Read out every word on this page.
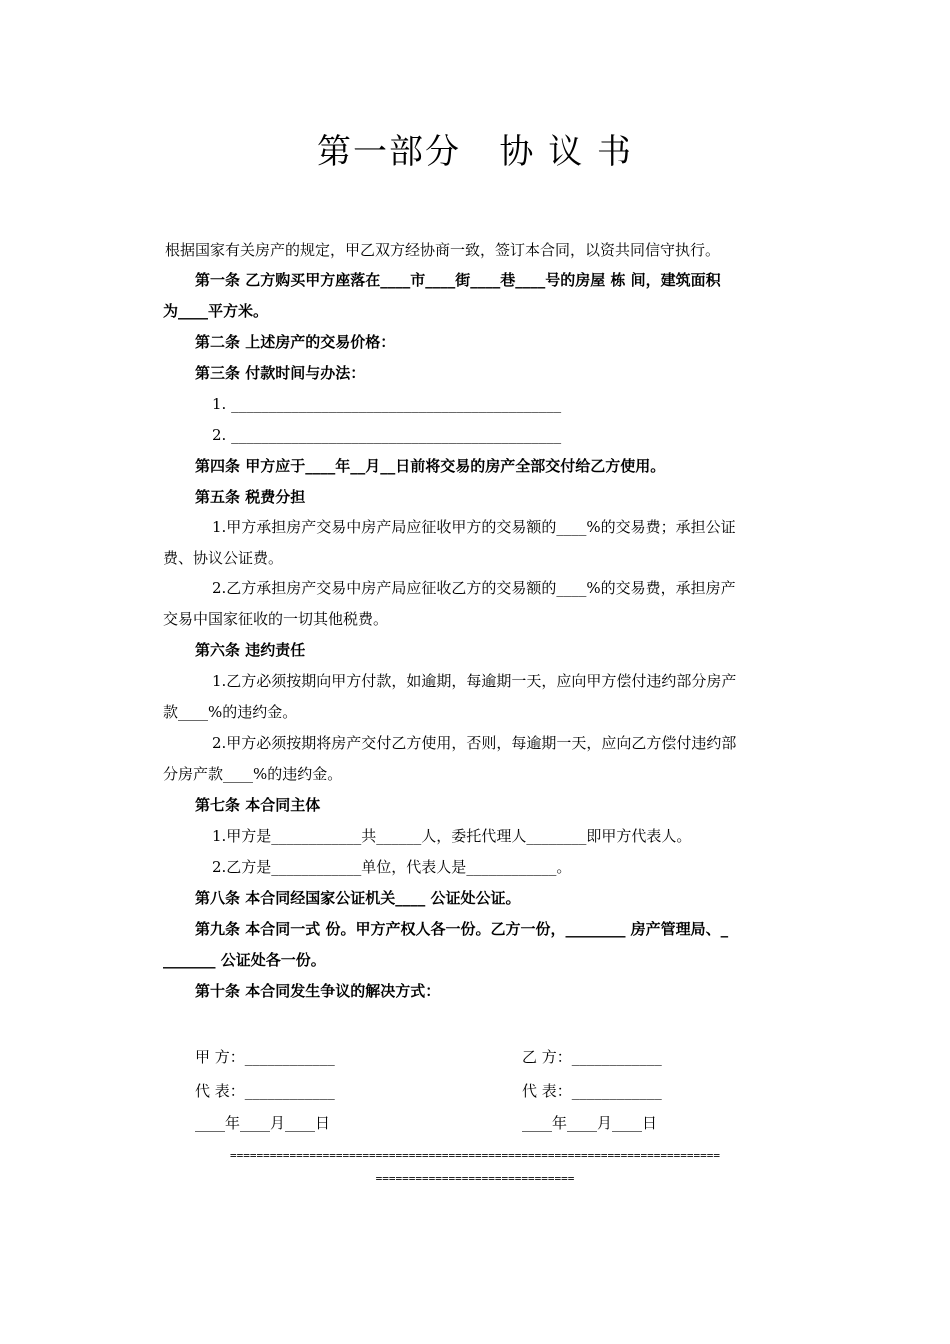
第一部分   协 议 书
根据国家有关房产的规定，甲乙双方经协商一致，签订本合同，以资共同信守执行。
第一条 乙方购买甲方座落在____市____街____巷____号的房屋 栋 间，建筑面积
为____平方米。
第二条 上述房产的交易价格：
第三条 付款时间与办法：
1. ____________________________________________
2. ____________________________________________
第四条 甲方应于____年__月__日前将交易的房产全部交付给乙方使用。
第五条 税费分担
1.甲方承担房产交易中房产局应征收甲方的交易额的____%的交易费；承担公证
费、协议公证费。
2.乙方承担房产交易中房产局应征收乙方的交易额的____%的交易费，承担房产
交易中国家征收的一切其他税费。
第六条 违约责任
1.乙方必须按期向甲方付款，如逾期，每逾期一天，应向甲方偿付违约部分房产
款____%的违约金。
2.甲方必须按期将房产交付乙方使用，否则，每逾期一天，应向乙方偿付违约部
分房产款____%的违约金。
第七条 本合同主体
1.甲方是____________共______人，委托代理人________即甲方代表人。
2.乙方是____________单位，代表人是____________。
第八条 本合同经国家公证机关____ 公证处公证。
第九条 本合同一式 份。甲方产权人各一份。乙方一份，________ 房产管理局、_
_______ 公证处各一份。
第十条 本合同发生争议的解决方式：
甲 方：____________
代 表：____________
____年____月____日
乙 方：____________
代 表：____________
____年____月____日
==========================================================================
==============================
